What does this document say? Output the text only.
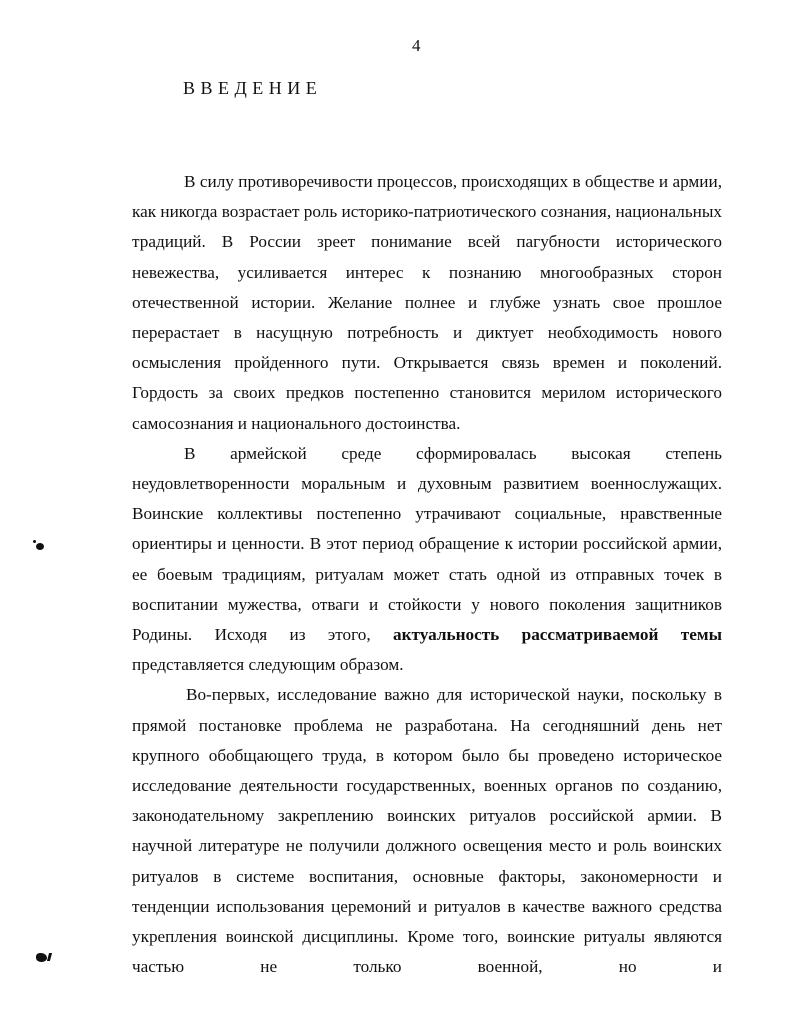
4
ВВЕДЕНИЕ

В силу противоречивости процессов, происходящих в обществе и армии, как никогда возрастает роль историко-патриотического сознания, национальных традиций. В России зреет понимание всей пагубности исторического невежества, усиливается интерес к познанию многообразных сторон отечественной истории. Желание полнее и глубже узнать свое прошлое перерастает в насущную потребность и диктует необходимость нового осмысления пройденного пути. Открывается связь времен и поколений. Гордость за своих предков постепенно становится мерилом исторического самосознания и национального достоинства.

В армейской среде сформировалась высокая степень неудовлетворенности моральным и духовным развитием военнослужащих. Воинские коллективы постепенно утрачивают социальные, нравственные ориентиры и ценности. В этот период обращение к истории российской армии, ее боевым традициям, ритуалам может стать одной из отправных точек в воспитании мужества, отваги и стойкости у нового поколения защитников Родины. Исходя из этого, актуальность рассматриваемой темы представляется следующим образом.

Во-первых, исследование важно для исторической науки, поскольку в прямой постановке проблема не разработана. На сегодняшний день нет крупного обобщающего труда, в котором было бы проведено историческое исследование деятельности государственных, военных органов по созданию, законодательному закреплению воинских ритуалов российской армии. В научной литературе не получили должного освещения место и роль воинских ритуалов в системе воспитания, основные факторы, закономерности и тенденции использования церемоний и ритуалов в качестве важного средства укрепления воинской дисциплины. Кроме того, воинские ритуалы являются частью не только военной, но и
